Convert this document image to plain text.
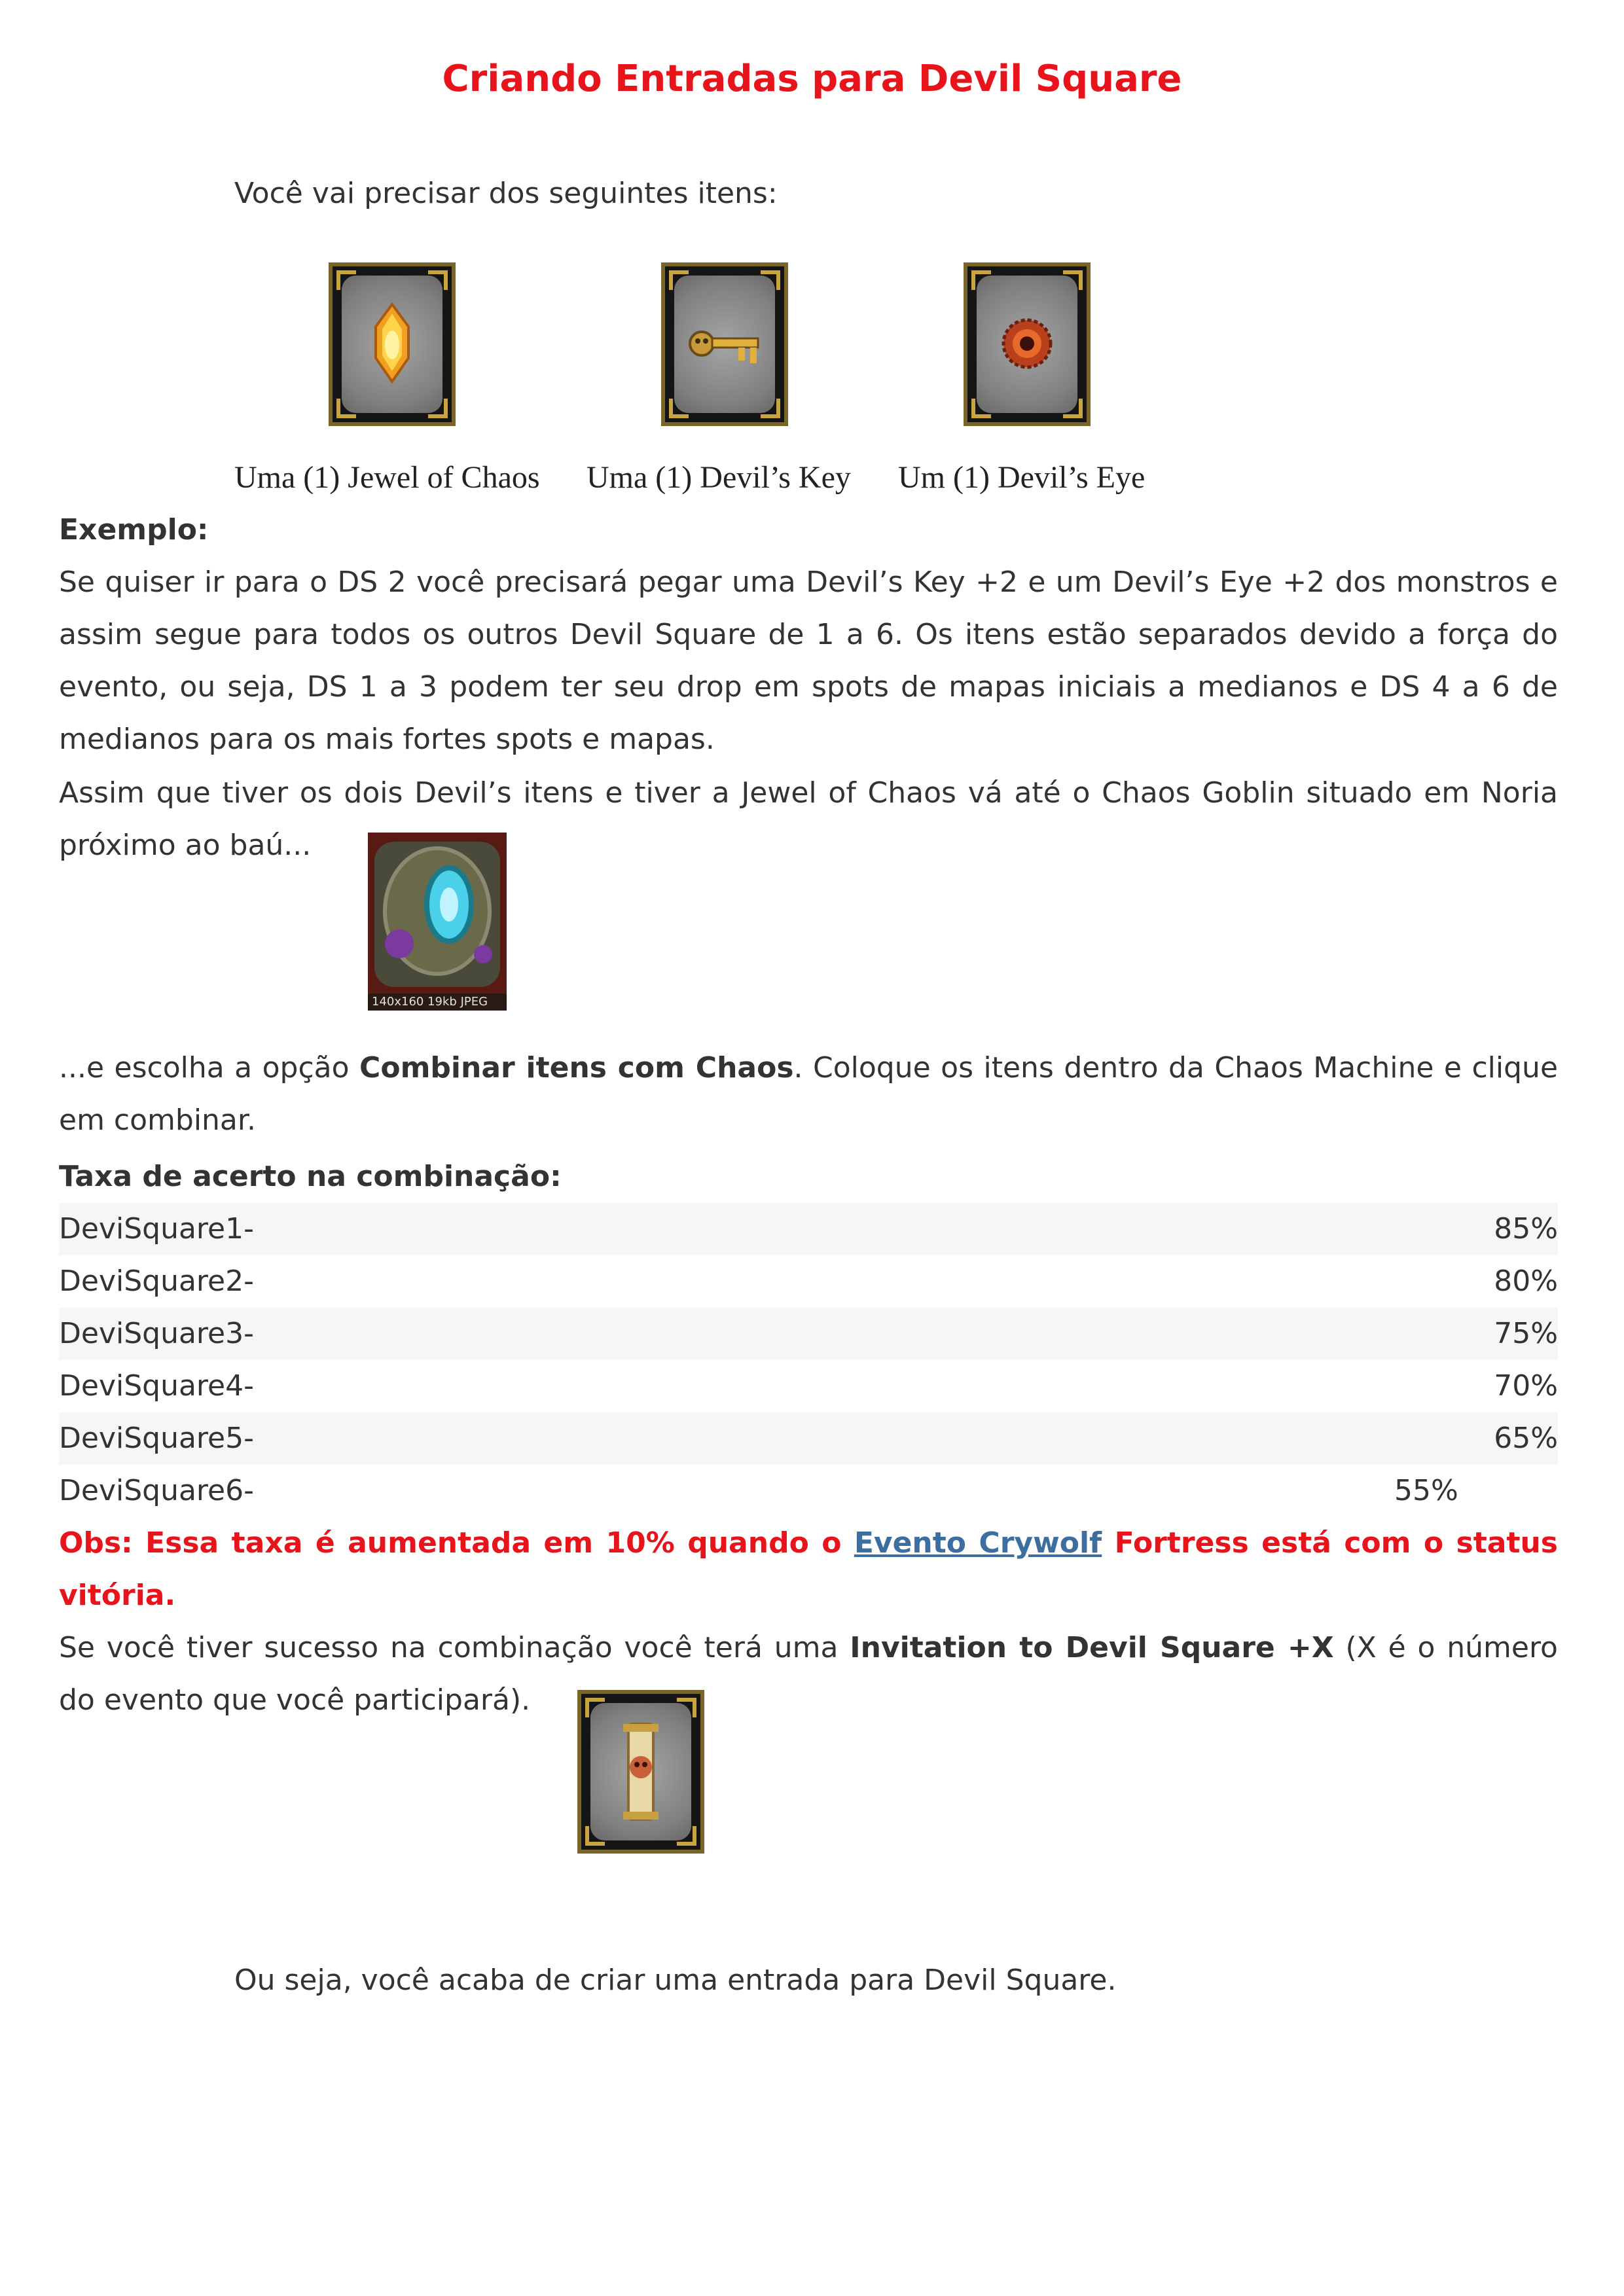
Criando Entradas para Devil Square
Você vai precisar dos seguintes itens:
Uma (1) Jewel of Chaos Uma (1) Devil’s Key Um (1) Devil’s Eye
Exemplo:
Se quiser ir para o DS 2 você precisará pegar uma Devil’s Key +2 e um Devil’s Eye +2 dos monstros e assim segue para todos os outros Devil Square de 1 a 6. Os itens estão separados devido a força do evento, ou seja, DS 1 a 3 podem ter seu drop em spots de mapas iniciais a medianos e DS 4 a 6 de medianos para os mais fortes spots e mapas.
Assim que tiver os dois Devil’s itens e tiver a Jewel of Chaos vá até o Chaos Goblin situado em Noria próximo ao baú...
140x160 19kb JPEG
...e escolha a opção Combinar itens com Chaos. Coloque os itens dentro da Chaos Machine e clique em combinar.
Taxa de acerto na combinação:
DeviSquare1-	85%
DeviSquare2-	80%
DeviSquare3-	75%
DeviSquare4-	70%
DeviSquare5-	65%
DeviSquare6-	55%
Obs: Essa taxa é aumentada em 10% quando o Evento Crywolf Fortress está com o status vitória.
Se você tiver sucesso na combinação você terá uma Invitation to Devil Square +X (X é o número do evento que você participará).
Ou seja, você acaba de criar uma entrada para Devil Square.
